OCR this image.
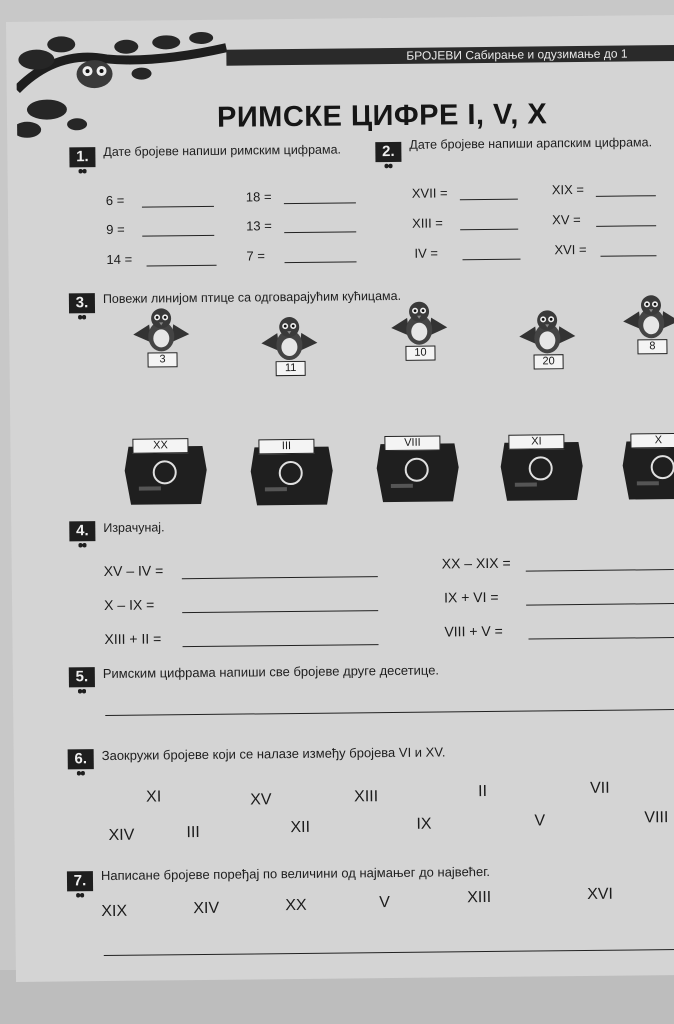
БРОЈЕВИ Сабирање и одузимање до 1
РИМСКЕ ЦИФРЕ I, V, X
1.	Дате бројеве напиши римским цифрама.
6 =	18 =
9 =	13 =
14 =	7 =
2.	Дате бројеве напиши арапским цифрама.
XVII =	XIX =
XIII =	XV =
IV =	XVI =
3.	Повежи линијом птице са одговарајућим кућицама.
3
11
10
20
8
XX	III	VIII	XI	X
4.	Израчунај.
XV – IV =	XX – XIX =
X – IX =	IX + VI =
XIII + II =	VIII + V =
5.	Римским цифрама напиши све бројеве друге десетице.
6.	Заокружи бројеве који се налазе између бројева VI и XV.
XI	XV	XIII	II	VII
XIV	III	XII	IX	V	VIII
7.	Написане бројеве поређај по величини од најмањег до највећег.
XIX	XIV	XX	V	XIII	XVI
